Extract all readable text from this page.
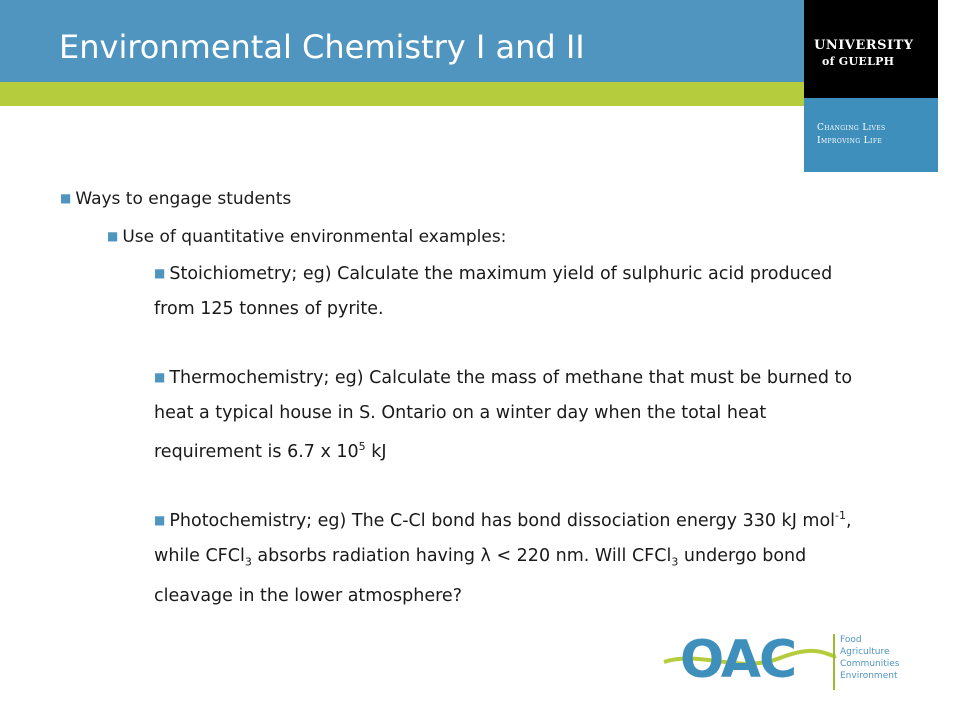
Environmental Chemistry I and II	UNIVERSITY
of GUELPH
Changing Lives
Improving Life
■ Ways to engage students
■ Use of quantitative environmental examples:
■ Stoichiometry; eg) Calculate the maximum yield of sulphuric acid produced from 125 tonnes of pyrite.
■ Thermochemistry; eg) Calculate the mass of methane that must be burned to heat a typical house in S. Ontario on a winter day when the total heat requirement is 6.7 x $10^5$ kJ
■ Photochemistry; eg) The C-Cl bond has bond dissociation energy 330 kJ mol$^{-1}$, while CFCl$_3$ absorbs radiation having λ < 220 nm. Will CFCl$_3$ undergo bond cleavage in the lower atmosphere?
OAC	Food
Agriculture
Communities
Environment
